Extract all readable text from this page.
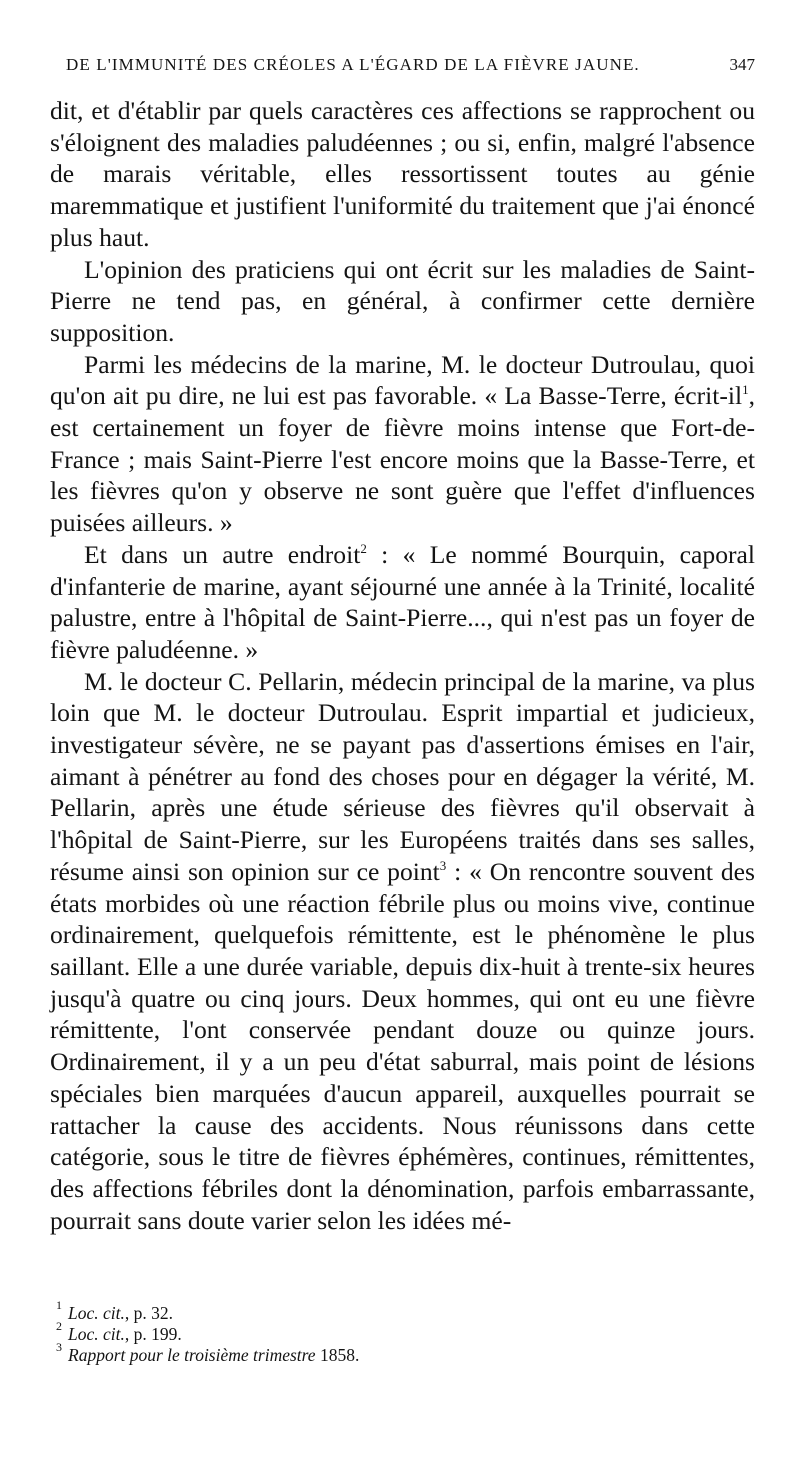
DE L'IMMUNITÉ DES CRÉOLES A L'ÉGARD DE LA FIÈVRE JAUNE.	347

dit, et d'établir par quels caractères ces affections se rapprochent ou s'éloignent des maladies paludéennes ; ou si, enfin, malgré l'absence de marais véritable, elles ressortissent toutes au génie maremmatique et justifient l'uniformité du traitement que j'ai énoncé plus haut.

L'opinion des praticiens qui ont écrit sur les maladies de Saint-Pierre ne tend pas, en général, à confirmer cette dernière supposition.

Parmi les médecins de la marine, M. le docteur Dutroulau, quoi qu'on ait pu dire, ne lui est pas favorable. « La Basse-Terre, écrit-$il^1$, est certainement un foyer de fièvre moins intense que Fort-de-France ; mais Saint-Pierre l'est encore moins que la Basse-Terre, et les fièvres qu'on y observe ne sont guère que l'effet d'influences puisées ailleurs. »

Et dans un autre endroit$^2$ : « Le nommé Bourquin, caporal d'infanterie de marine, ayant séjourné une année à la Trinité, localité palustre, entre à l'hôpital de Saint-Pierre..., qui n'est pas un foyer de fièvre paludéenne. »

M. le docteur C. Pellarin, médecin principal de la marine, va plus loin que M. le docteur Dutroulau. Esprit impartial et judicieux, investigateur sévère, ne se payant pas d'assertions émises en l'air, aimant à pénétrer au fond des choses pour en dégager la vérité, M. Pellarin, après une étude sérieuse des fièvres qu'il observait à l'hôpital de Saint-Pierre, sur les Européens traités dans ses salles, résume ainsi son opinion sur ce point$^3$ : « On rencontre souvent des états morbides où une réaction fébrile plus ou moins vive, continue ordinairement, quelquefois rémittente, est le phénomène le plus saillant. Elle a une durée variable, depuis dix-huit à trente-six heures jusqu'à quatre ou cinq jours. Deux hommes, qui ont eu une fièvre rémittente, l'ont conservée pendant douze ou quinze jours. Ordinairement, il y a un peu d'état saburral, mais point de lésions spéciales bien marquées d'aucun appareil, auxquelles pourrait se rattacher la cause des accidents. Nous réunissons dans cette catégorie, sous le titre de fièvres éphémères, continues, rémittentes, des affections fébriles dont la dénomination, parfois embarrassante, pourrait sans doute varier selon les idées mé-

1 Loc. cit., p. 32.
2 Loc. cit., p. 199.
3 Rapport pour le troisième trimestre 1858.
